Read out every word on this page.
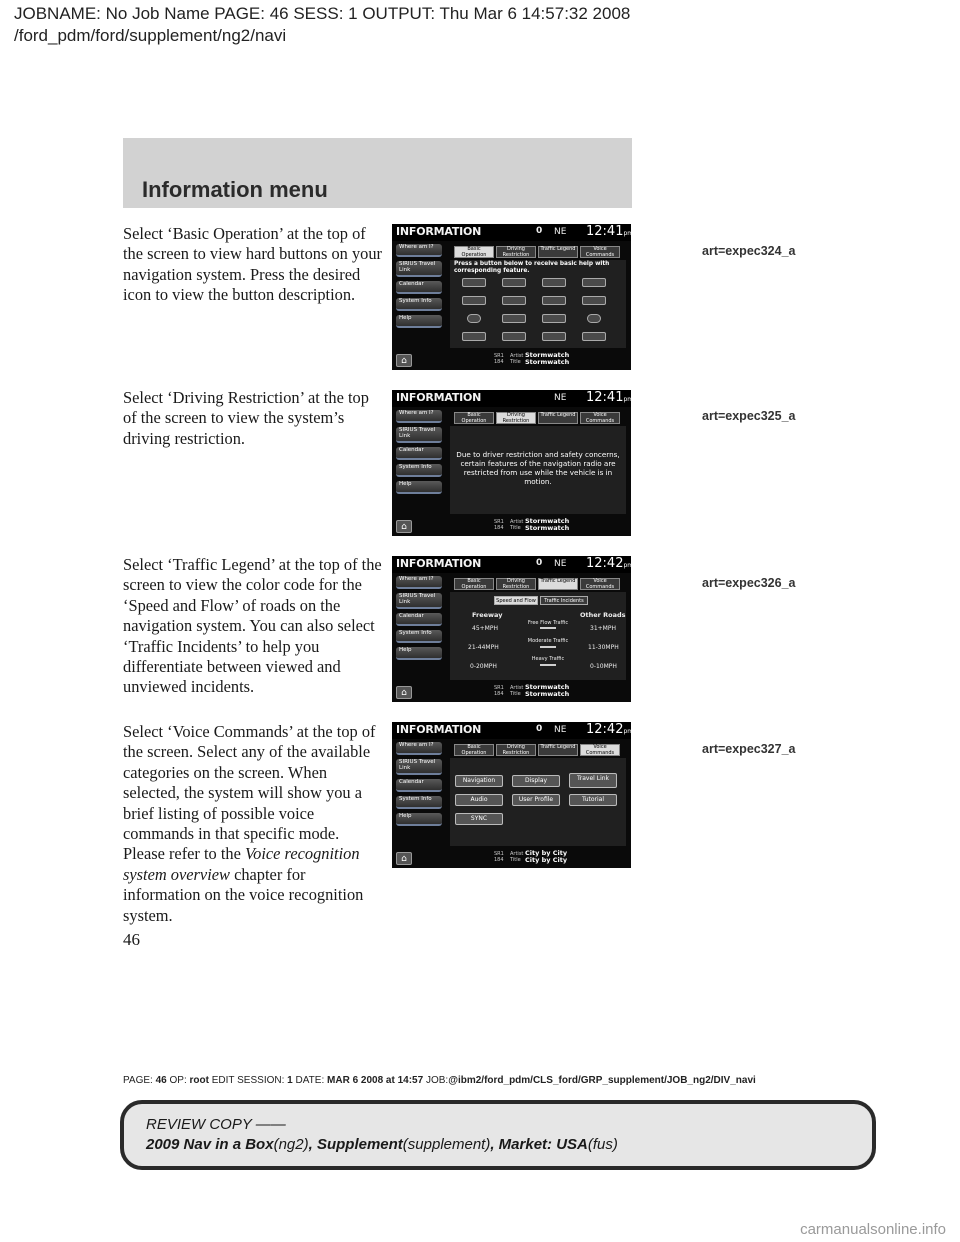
JOBNAME: No Job Name PAGE: 46 SESS: 1 OUTPUT: Thu Mar 6 14:57:32 2008
/ford_pdm/ford/supplement/ng2/navi
Information menu
Select ‘Basic Operation’ at the top of the screen to view hard buttons on your navigation system. Press the desired icon to view the button description.
Select ‘Driving Restriction’ at the top of the screen to view the system’s driving restriction.
Select ‘Traffic Legend’ at the top of the screen to view the color code for the ‘Speed and Flow’ of roads on the navigation system. You can also select ‘Traffic Incidents’ to help you differentiate between viewed and unviewed incidents.
Select ‘Voice Commands’ at the top of the screen. Select any of the available categories on the screen. When selected, the system will show you a brief listing of possible voice commands in that specific mode. Please refer to the Voice recognition system overview chapter for information on the voice recognition system.
art=expec324_a
art=expec325_a
art=expec326_a
art=expec327_a
INFORMATION	0 NE 12:41pm
Where am I?
SIRIUS Travel Link
Calendar
System Info
Help
Basic Operation
Driving Restriction
Traffic Legend	Voice Commands
Press a button below to receive basic help with corresponding feature.
⌂	SR1
184
Artist
Title
Stormwatch
Stormwatch
INFORMATION	NE 12:41pm
Where am I?
SIRIUS Travel Link
Calendar
System Info
Help
Basic Operation
Driving Restriction
Traffic Legend	Voice Commands
Due to driver restriction and safety concerns, certain features of the navigation radio are restricted from use while the vehicle is in motion.
⌂	SR1
184
Artist
Title
Stormwatch
Stormwatch
INFORMATION	0 NE 12:42pm
Where am I?
SIRIUS Travel Link
Calendar
System Info
Help
Basic Operation
Driving Restriction
Traffic Legend	Voice Commands
Speed and Flow	Traffic Incidents
Freeway	Other Roads
45+MPH
Free Flow Traffic
31+MPH
21-44MPH
Moderate Traffic
11-30MPH
0-20MPH
Heavy Traffic
0-10MPH
⌂	SR1
184
Artist
Title
Stormwatch
Stormwatch
INFORMATION	0 NE 12:42pm
Where am I?
SIRIUS Travel Link
Calendar
System Info
Help
Basic Operation
Driving Restriction
Traffic Legend	Voice Commands
Navigation	Display	Travel Link
Audio	User Profile	Tutorial
SYNC
⌂	SR1
184
Artist
Title
City by City
City by City
46
PAGE: 46 OP: root EDIT SESSION: 1 DATE: MAR 6 2008 at 14:57 JOB:@ibm2/ford_pdm/CLS_ford/GRP_supplement/JOB_ng2/DIV_navi
REVIEW COPY ——
2009 Nav in a Box(ng2), Supplement(supplement), Market: USA(fus)
carmanualsonline.info
